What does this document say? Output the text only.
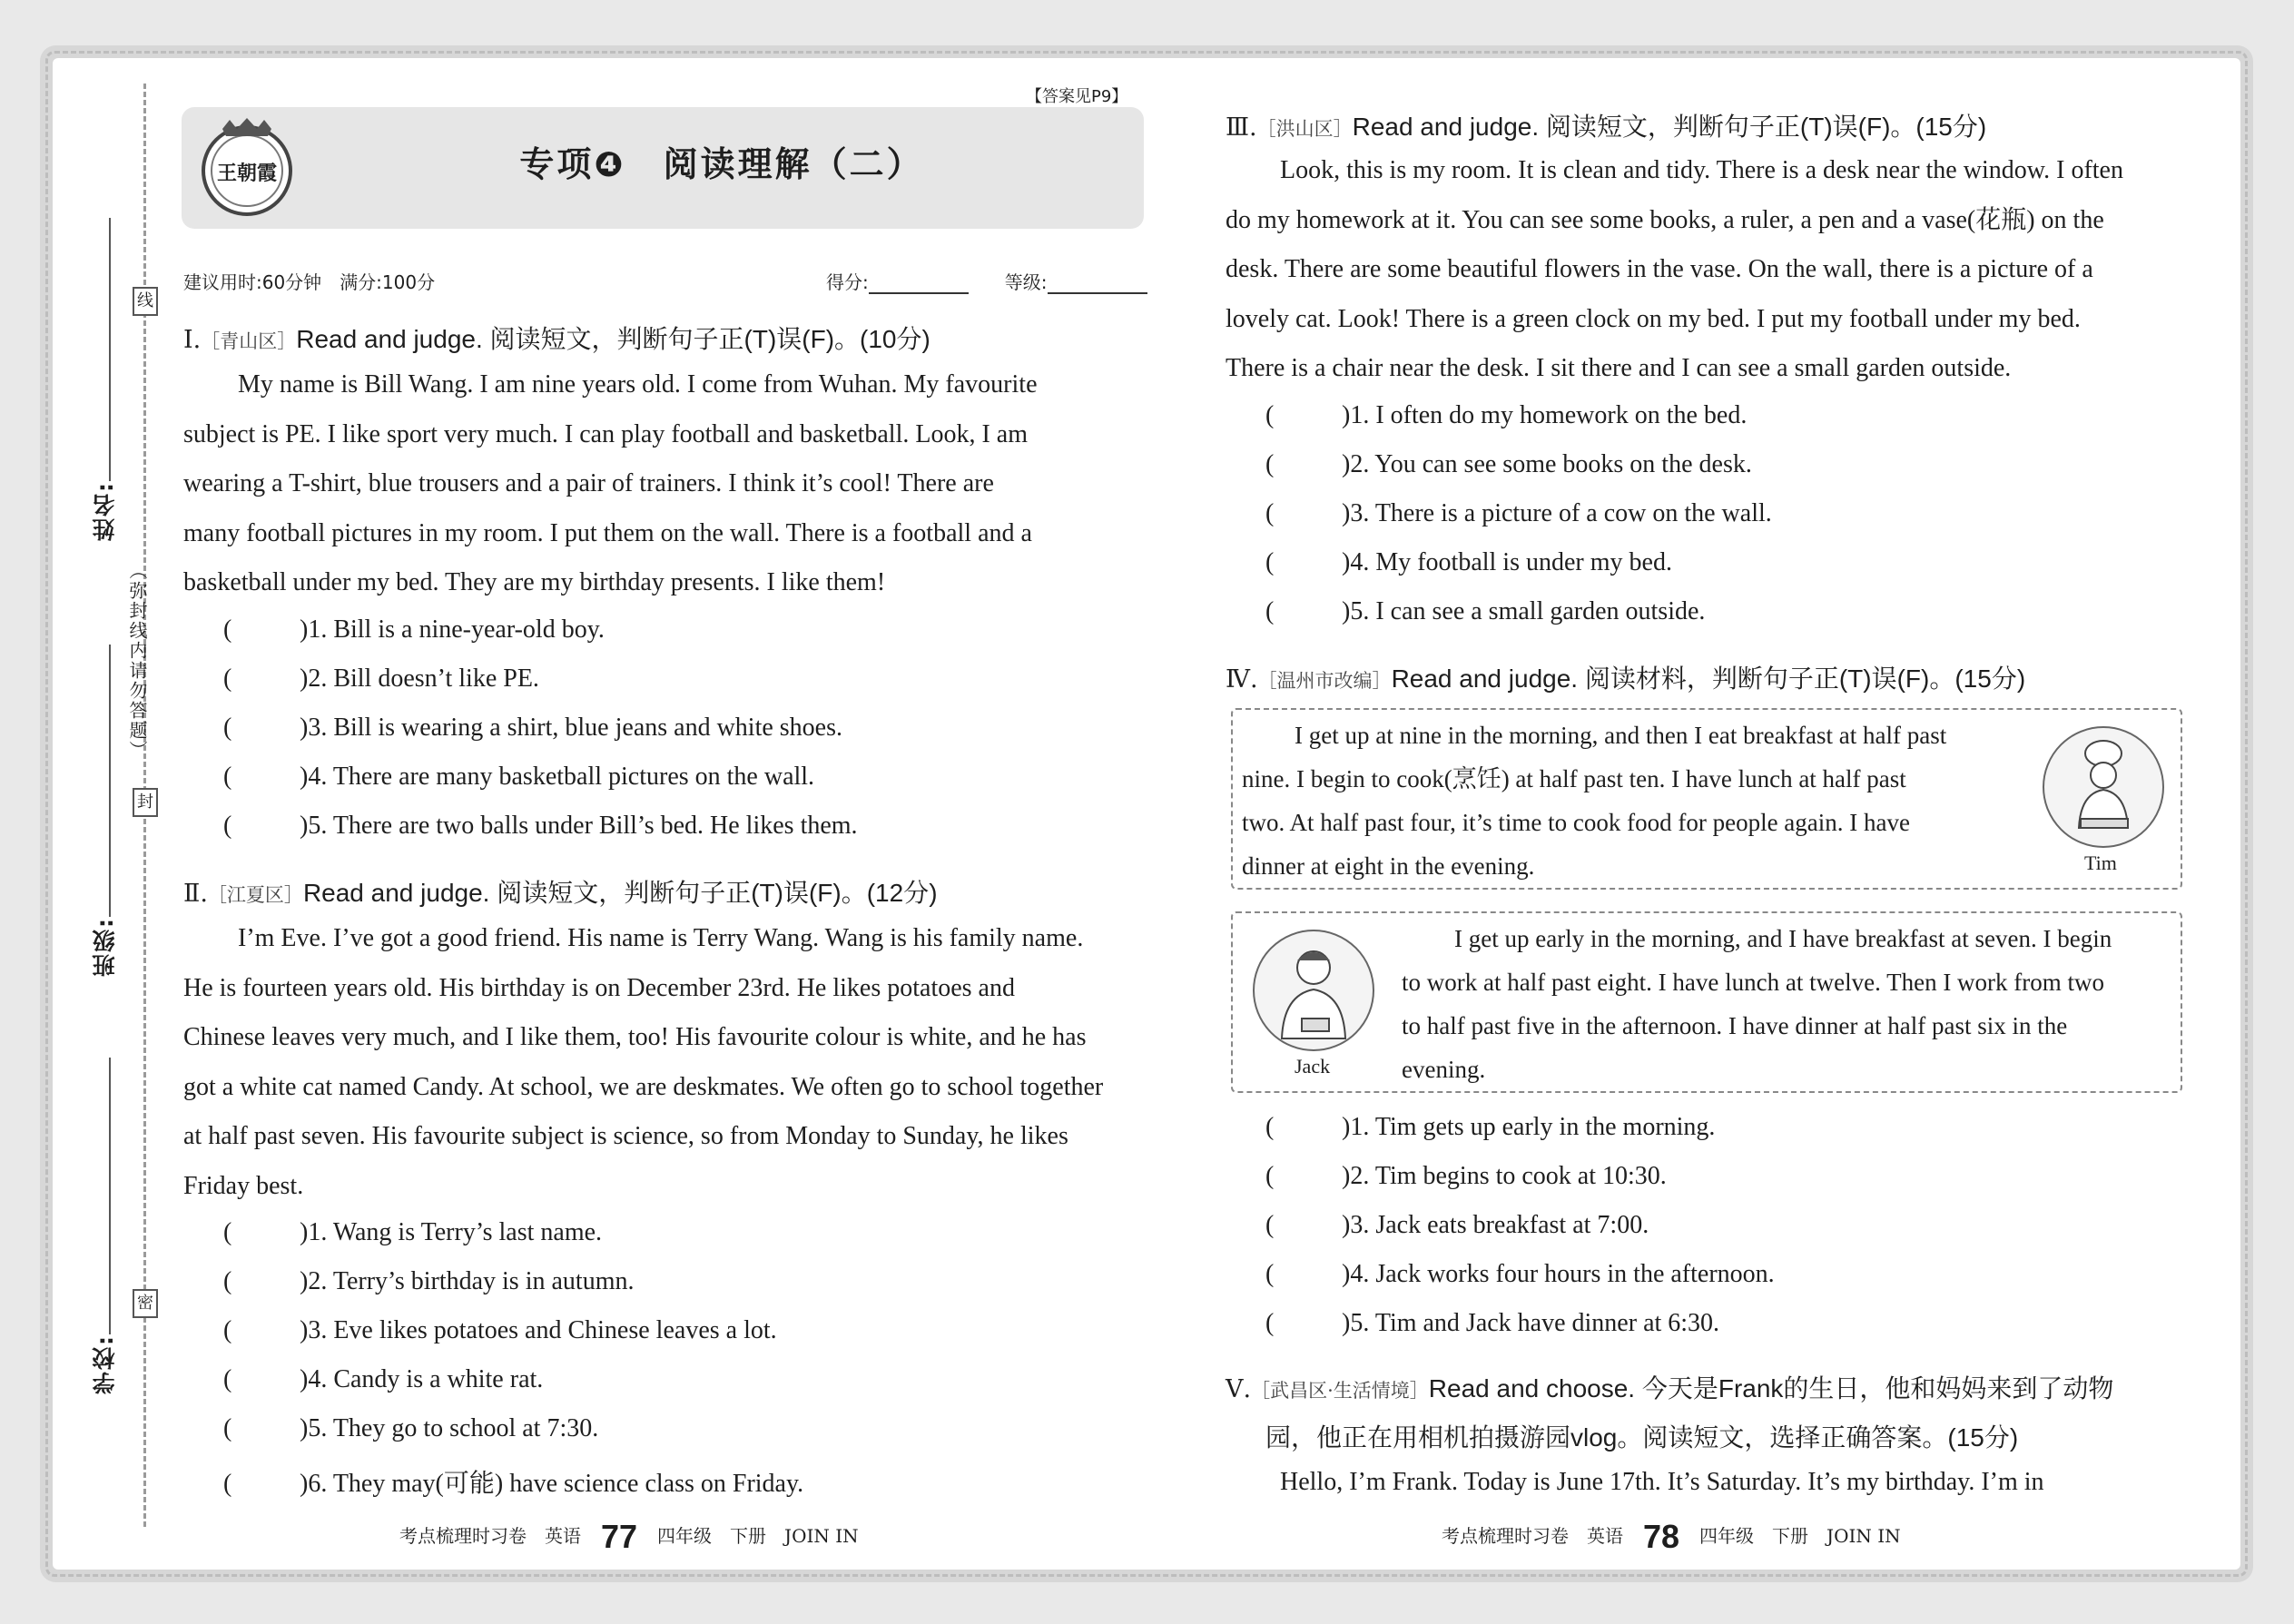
姓名:
班级:
学校:
线
封
密
（弥封线内请勿答题）
【答案见P9】
王朝霞	专项❹　阅读理解（二）
建议用时:60分钟　 满分:100分	得分:　　	等级:
Ⅰ.［青山区］Read and judge. 阅读短文，判断句子正(T)误(F)。(10分)
My name is Bill Wang. I am nine years old. I come from Wuhan. My favourite
subject is PE. I like sport very much. I can play football and basketball. Look, I am
wearing a T-shirt, blue trousers and a pair of trainers. I think it’s cool! There are
many football pictures in my room. I put them on the wall. There is a football and a
basketball under my bed. They are my birthday presents. I like them!
(	)1. Bill is a nine-year-old boy.
(	)2. Bill doesn’t like PE.
(	)3. Bill is wearing a shirt, blue jeans and white shoes.
(	)4. There are many basketball pictures on the wall.
(	)5. There are two balls under Bill’s bed. He likes them.
Ⅱ.［江夏区］Read and judge. 阅读短文，判断句子正(T)误(F)。(12分)
I’m Eve. I’ve got a good friend. His name is Terry Wang. Wang is his family name.
He is fourteen years old. His birthday is on December 23rd. He likes potatoes and
Chinese leaves very much, and I like them, too! His favourite colour is white, and he has
got a white cat named Candy. At school, we are deskmates. We often go to school together
at half past seven. His favourite subject is science, so from Monday to Sunday, he likes
Friday best.
(	)1. Wang is Terry’s last name.
(	)2. Terry’s birthday is in autumn.
(	)3. Eve likes potatoes and Chinese leaves a lot.
(	)4. Candy is a white rat.
(	)5. They go to school at 7:30.
(	)6. They may(可能) have science class on Friday.
考点梳理时习卷　英语 77 四年级　下册　JOIN IN
Ⅲ.［洪山区］Read and judge. 阅读短文，判断句子正(T)误(F)。(15分)
Look, this is my room. It is clean and tidy. There is a desk near the window. I often
do my homework at it. You can see some books, a ruler, a pen and a vase(花瓶) on the
desk. There are some beautiful flowers in the vase. On the wall, there is a picture of a
lovely cat. Look! There is a green clock on my bed. I put my football under my bed.
There is a chair near the desk. I sit there and I can see a small garden outside.
(	)1. I often do my homework on the bed.
(	)2. You can see some books on the desk.
(	)3. There is a picture of a cow on the wall.
(	)4. My football is under my bed.
(	)5. I can see a small garden outside.
Ⅳ.［温州市改编］Read and judge. 阅读材料，判断句子正(T)误(F)。(15分)
I get up at nine in the morning, and then I eat breakfast at half past
nine. I begin to cook(烹饪) at half past ten. I have lunch at half past
two. At half past four, it’s time to cook food for people again. I have
dinner at eight in the evening.	Tim
Jack
I get up early in the morning, and I have breakfast at seven. I begin
to work at half past eight. I have lunch at twelve. Then I work from two
to half past five in the afternoon. I have dinner at half past six in the
evening.
(	)1. Tim gets up early in the morning.
(	)2. Tim begins to cook at 10:30.
(	)3. Jack eats breakfast at 7:00.
(	)4. Jack works four hours in the afternoon.
(	)5. Tim and Jack have dinner at 6:30.
Ⅴ.［武昌区·生活情境］Read and choose. 今天是Frank的生日，他和妈妈来到了动物
园，他正在用相机拍摄游园vlog。阅读短文，选择正确答案。(15分)
Hello, I’m Frank. Today is June 17th. It’s Saturday. It’s my birthday. I’m in
考点梳理时习卷　英语 78 四年级　下册　JOIN IN
